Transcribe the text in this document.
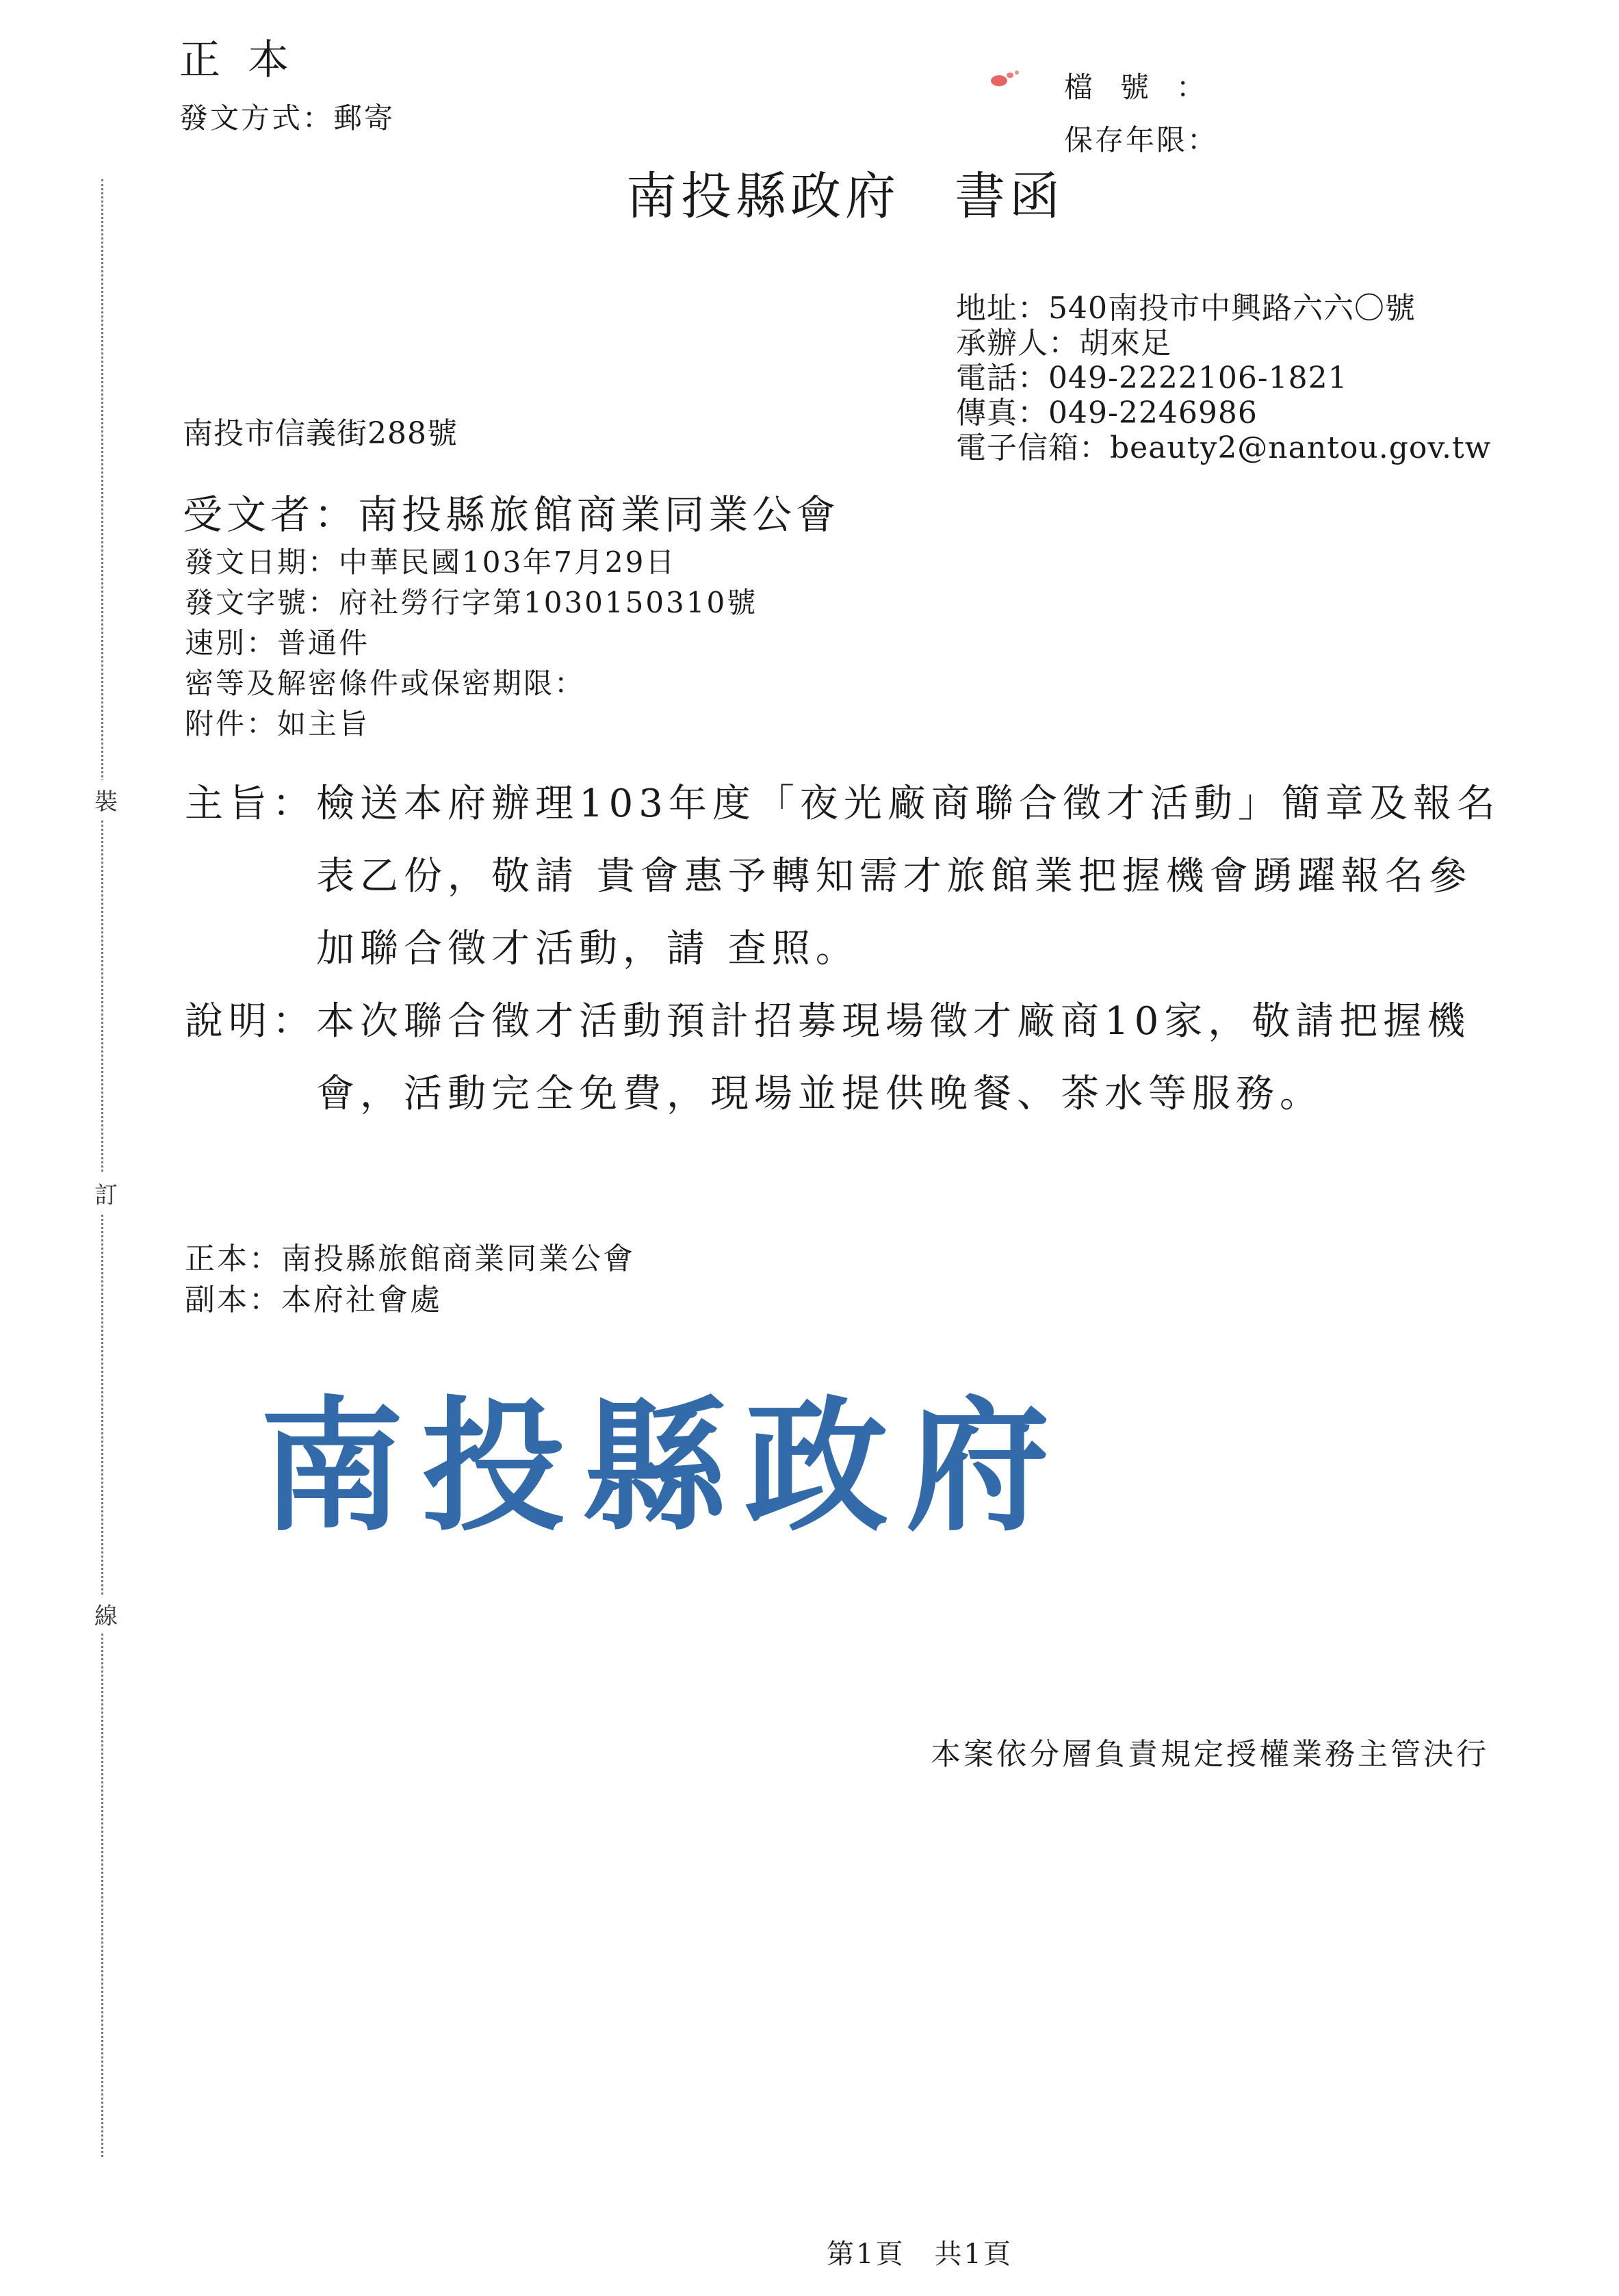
裝
訂
線
正本
發文方式：郵寄
檔號：
保存年限：
南投縣政府　書函
地址：540南投市中興路六六〇號
承辦人：胡來足
電話：049-2222106-1821
傳真：049-2246986
電子信箱：beauty2@nantou.gov.tw
南投市信義街288號
受文者：南投縣旅館商業同業公會
發文日期：中華民國103年7月29日
發文字號：府社勞行字第1030150310號
速別：普通件
密等及解密條件或保密期限：
附件：如主旨
主旨： 檢送本府辦理103年度「夜光廠商聯合徵才活動」簡章及報名表乙份，敬請 貴會惠予轉知需才旅館業把握機會踴躍報名參加聯合徵才活動，請 查照。
說明： 本次聯合徵才活動預計招募現場徵才廠商10家，敬請把握機會，活動完全免費，現場並提供晚餐、茶水等服務。
正本：南投縣旅館商業同業公會
副本：本府社會處
南投縣政府
本案依分層負責規定授權業務主管決行
第1頁　共1頁
